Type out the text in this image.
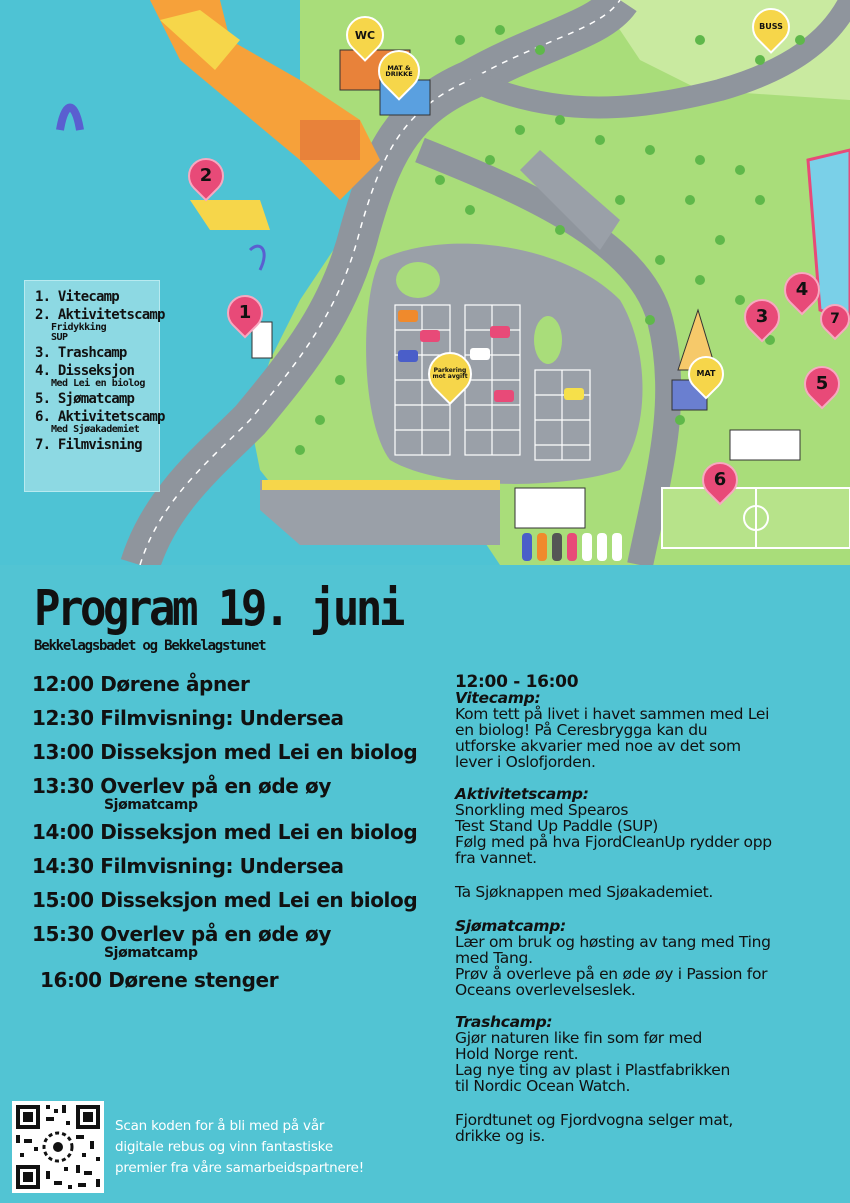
WC
MAT & DRIKKE
BUSS
Parkering mot avgift	MAT
1
2
3
4
5
6
7
1. Vitecamp
2. Aktivitetscamp
Fridykking
SUP
3. Trashcamp
4. Disseksjon
Med Lei en biolog
5. Sjømatcamp
6. Aktivitetscamp
Med Sjøakademiet
7. Filmvisning
Program 19. juni
Bekkelagsbadet og Bekkelagstunet
12:00 Dørene åpner
12:30 Filmvisning: Undersea
13:00 Disseksjon med Lei en biolog
13:30 Overlev på en øde øy
Sjømatcamp
14:00 Disseksjon med Lei en biolog
14:30 Filmvisning: Undersea
15:00 Disseksjon med Lei en biolog
15:30 Overlev på en øde øy
Sjømatcamp
16:00 Dørene stenger
12:00 - 16:00
Vitecamp:
Kom tett på livet i havet sammen med Lei
en biolog! På Ceresbrygga kan du
utforske akvarier med noe av det som
lever i Oslofjorden.
Aktivitetscamp:
Snorkling med Spearos
Test Stand Up Paddle (SUP)
Følg med på hva FjordCleanUp rydder opp
fra vannet.
Ta Sjøknappen med Sjøakademiet.
Sjømatcamp:
Lær om bruk og høsting av tang med Ting
med Tang.
Prøv å overleve på en øde øy i Passion for
Oceans overlevelseslek.
Trashcamp:
Gjør naturen like fin som før med
Hold Norge rent.
Lag nye ting av plast i Plastfabrikken
til Nordic Ocean Watch.
Fjordtunet og Fjordvogna selger mat,
drikke og is.
Scan koden for å bli med på vår
digitale rebus og vinn fantastiske
premier fra våre samarbeidspartnere!
